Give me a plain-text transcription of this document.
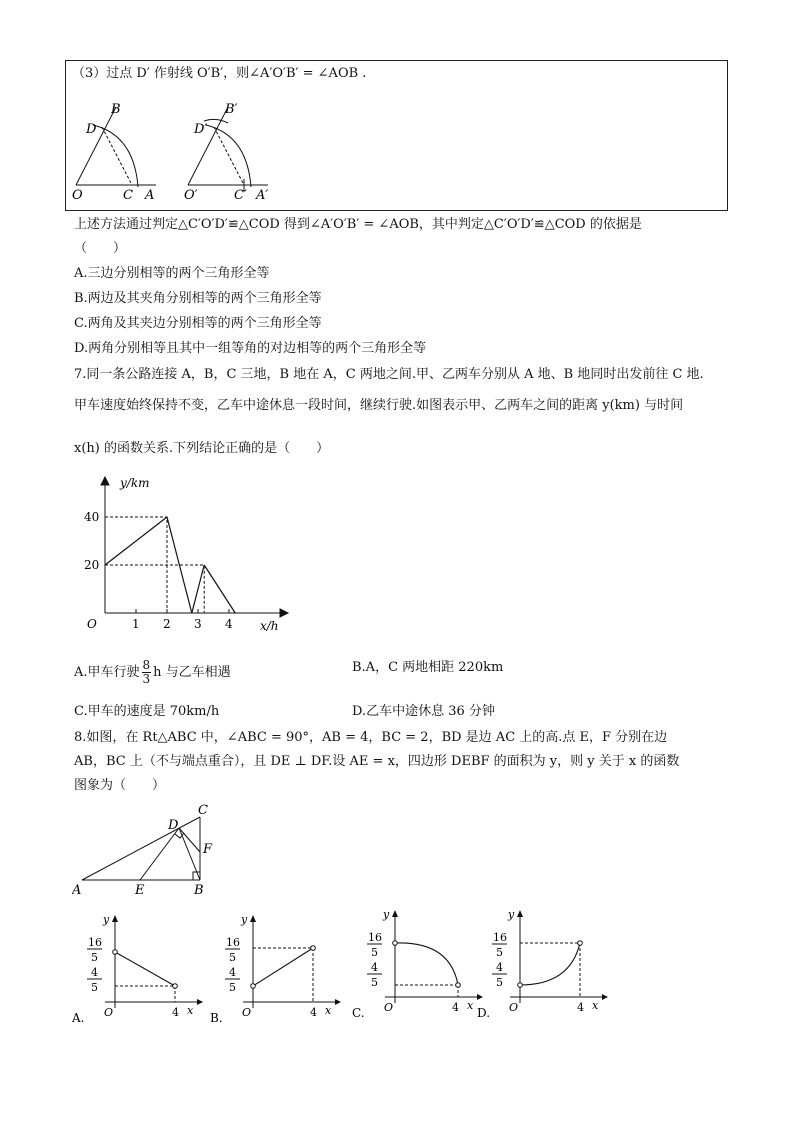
（3）过点 D′ 作射线 O′B′，则∠A′O′B′ = ∠AOB .
B
D
O	C A
B′
D′
O′	C′ A′
上述方法通过判定△C′O′D′≌△COD 得到∠A′O′B′ = ∠AOB，其中判定△C′O′D′≌△COD 的依据是
（　　）
A.三边分别相等的两个三角形全等
B.两边及其夹角分别相等的两个三角形全等
C.两角及其夹边分别相等的两个三角形全等
D.两角分别相等且其中一组等角的对边相等的两个三角形全等
7.同一条公路连接 A，B，C 三地，B 地在 A，C 两地之间.甲、乙两车分别从 A 地、B 地同时出发前往 C 地.
甲车速度始终保持不变，乙车中途休息一段时间，继续行驶.如图表示甲、乙两车之间的距离 y(km) 与时间
x(h) 的函数关系.下列结论正确的是（　　）
y/km
x/h
O	1 2 3 4
20
40
A.甲车行驶 $\frac{8}{3}$ h 与乙车相遇	B.A，C 两地相距 220km
C.甲车的速度是 70km/h	D.乙车中途休息 36 分钟
8.如图，在 Rt△ABC 中，∠ABC = 90°，AB = 4，BC = 2，BD 是边 AC 上的高.点 E，F 分别在边
AB，BC 上（不与端点重合），且 DE ⊥ DF.设 AE = x，四边形 DEBF 的面积为 y，则 y 关于 x 的函数
图象为（　　）
A	B
C
D
E
F
y
x
O	4
16
5
4
5
A.
y
x
O	4
16
5
4
5
B.
y
x
O	4
16
5
4
5
C.
y
x
O	4
16
5
4
5
D.
